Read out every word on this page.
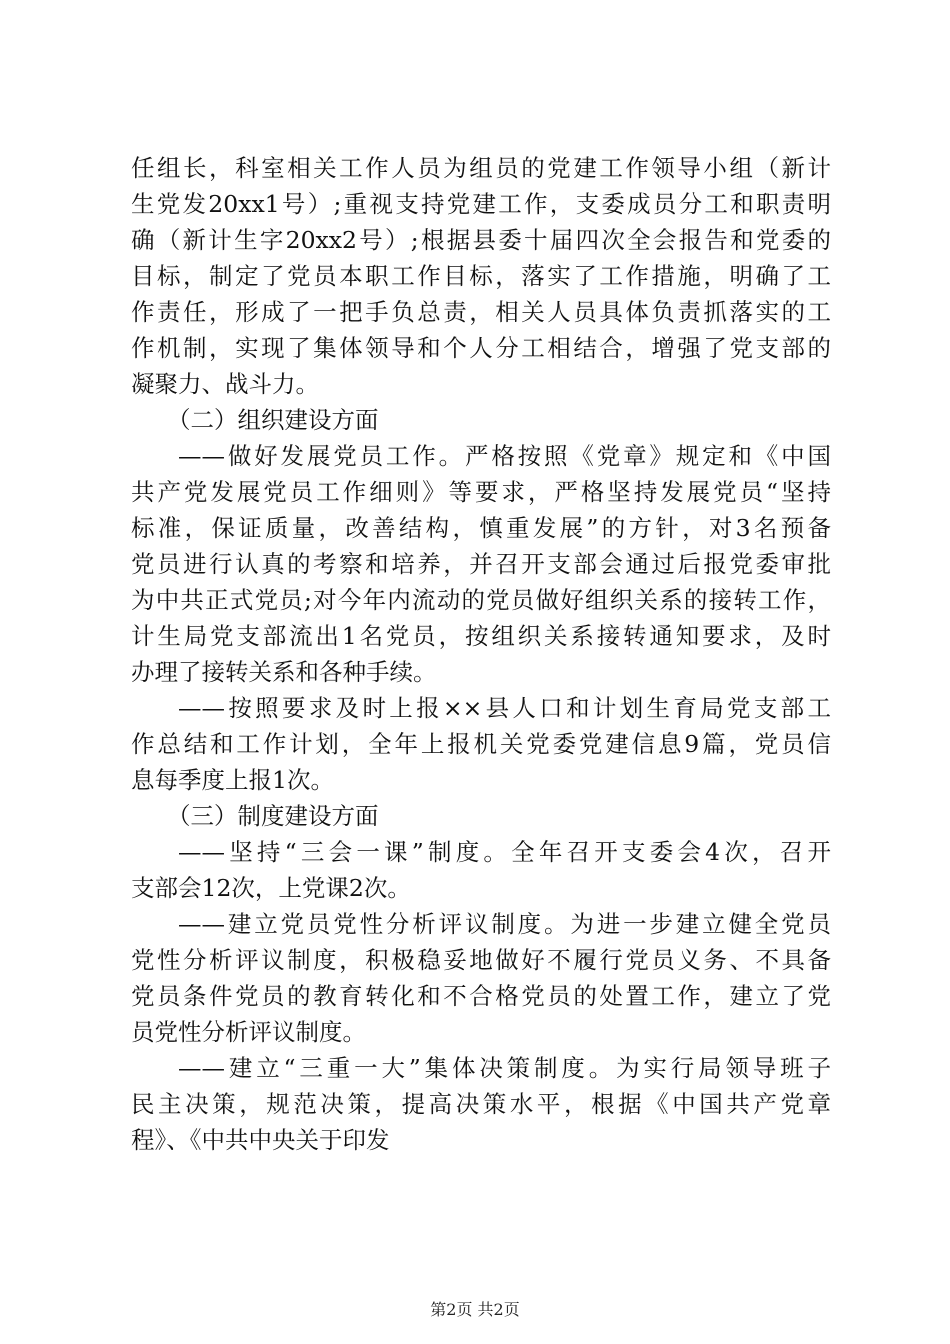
任组长，科室相关工作人员为组员的党建工作领导小组（新计
生党发20xx1号）;重视支持党建工作，支委成员分工和职责明
确（新计生字20xx2号）;根据县委十届四次全会报告和党委的
目标，制定了党员本职工作目标，落实了工作措施，明确了工
作责任，形成了一把手负总责，相关人员具体负责抓落实的工
作机制，实现了集体领导和个人分工相结合，增强了党支部的
凝聚力、战斗力。
（二）组织建设方面
——做好发展党员工作。严格按照《党章》规定和《中国
共产党发展党员工作细则》等要求，严格坚持发展党员“坚持
标准，保证质量，改善结构，慎重发展”的方针，对3名预备
党员进行认真的考察和培养，并召开支部会通过后报党委审批
为中共正式党员;对今年内流动的党员做好组织关系的接转工作，
计生局党支部流出1名党员，按组织关系接转通知要求，及时
办理了接转关系和各种手续。
——按照要求及时上报××县人口和计划生育局党支部工
作总结和工作计划，全年上报机关党委党建信息9篇，党员信
息每季度上报1次。
（三）制度建设方面
——坚持“三会一课”制度。全年召开支委会4次，召开
支部会12次，上党课2次。
——建立党员党性分析评议制度。为进一步建立健全党员
党性分析评议制度，积极稳妥地做好不履行党员义务、不具备
党员条件党员的教育转化和不合格党员的处置工作，建立了党
员党性分析评议制度。
——建立“三重一大”集体决策制度。为实行局领导班子
民主决策，规范决策，提高决策水平，根据《中国共产党章
程》、《中共中央关于印发
第2页 共2页
